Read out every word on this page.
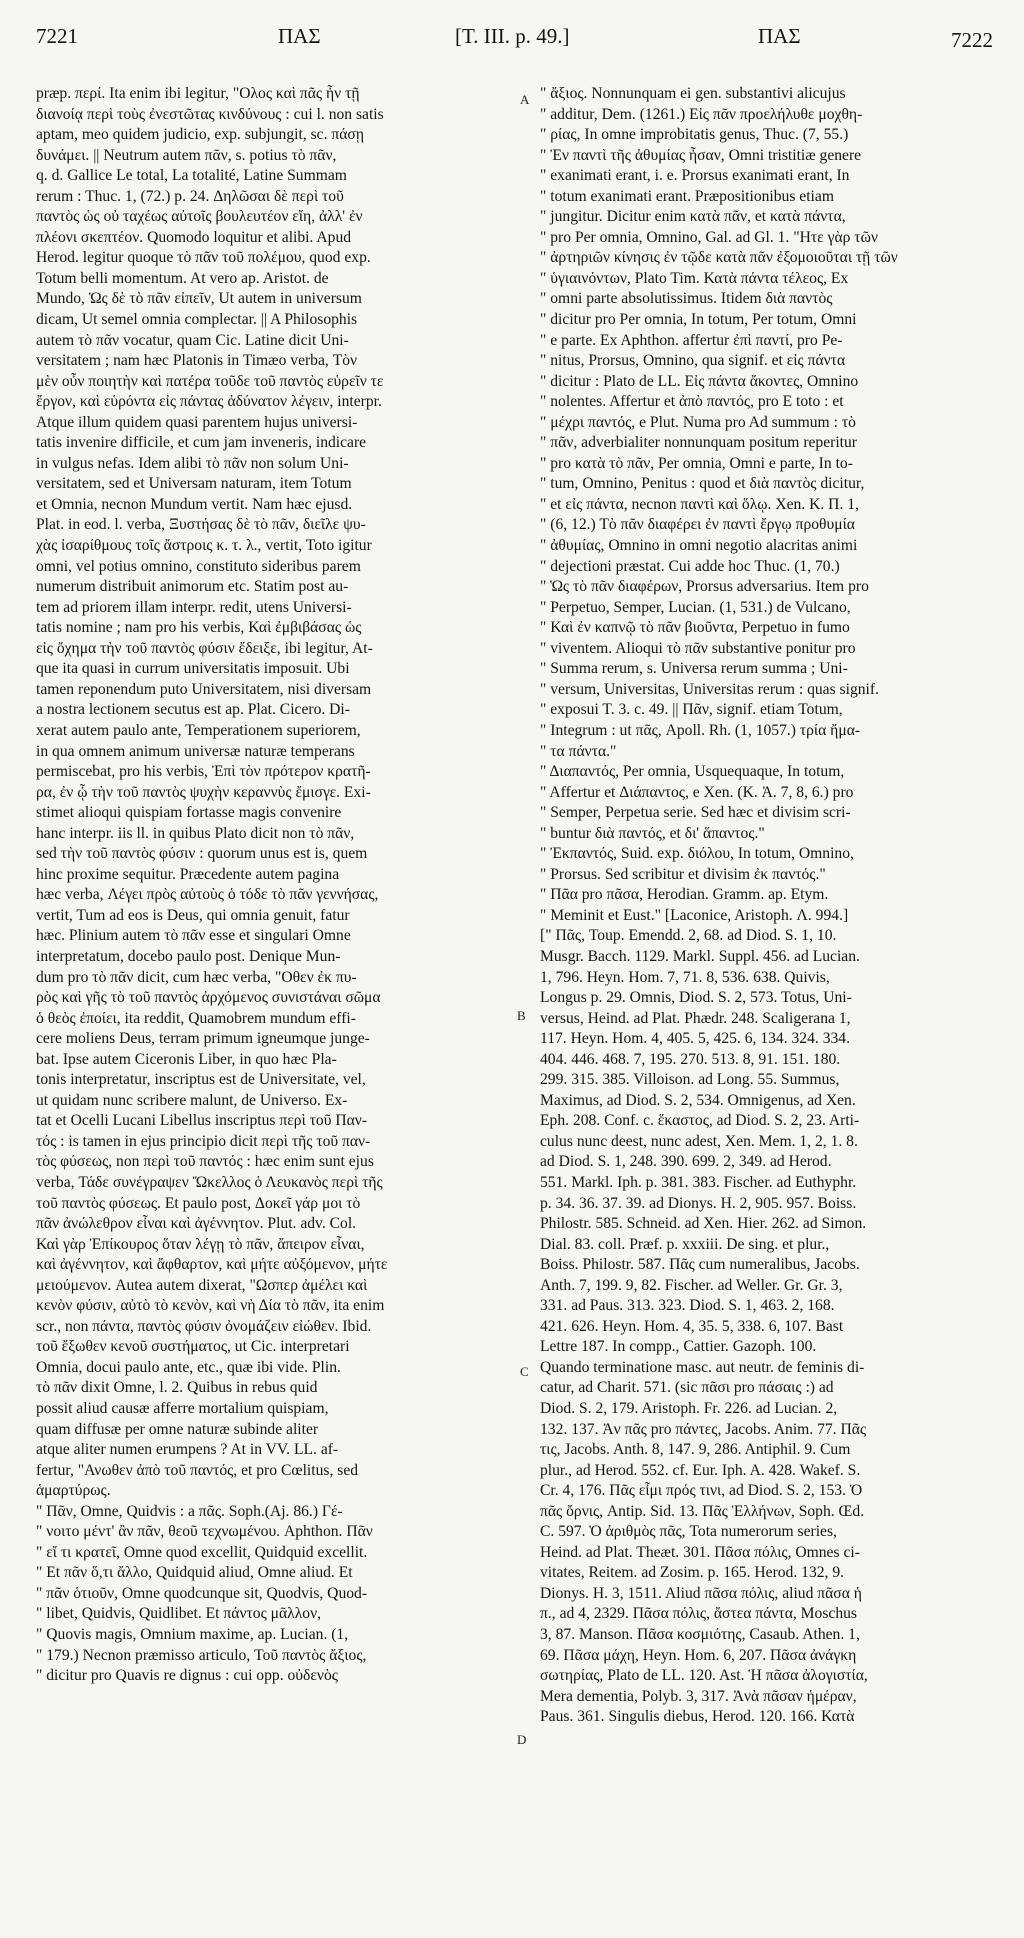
7221	ΠΑΣ	[T. III. p. 49.]	ΠΑΣ	7222
A
B
C
D
præp. περί. Ita enim ibi legitur, "Ολος καὶ πᾶς ἦν τῇ
διανοίᾳ περὶ τοὺς ἐνεστῶτας κινδύνους : cui l. non satis
aptam, meo quidem judicio, exp. subjungit, sc. πάσῃ
δυνάμει. || Neutrum autem πᾶν, s. potius τὸ πᾶν,
q. d. Gallice Le total, La totalité, Latine Summam
rerum : Thuc. 1, (72.) p. 24. Δηλῶσαι δὲ περὶ τοῦ
παντὸς ὡς οὐ ταχέως αὐτοῖς βουλευτέον εἴη, ἀλλ' ἐν
πλέονι σκεπτέον. Quomodo loquitur et alibi. Apud
Herod. legitur quoque τὸ πᾶν τοῦ πολέμου, quod exp.
Totum belli momentum. At vero ap. Aristot. de
Mundo, Ὡς δὲ τὸ πᾶν εἰπεῖν, Ut autem in universum
dicam, Ut semel omnia complectar. || A Philosophis
autem τὸ πᾶν vocatur, quam Cic. Latine dicit Uni-
versitatem ; nam hæc Platonis in Timæo verba, Τὸν
μὲν οὖν ποιητὴν καὶ πατέρα τοῦδε τοῦ παντὸς εὑρεῖν τε
ἔργον, καὶ εὑρόντα εἰς πάντας ἀδύνατον λέγειν, interpr.
Atque illum quidem quasi parentem hujus universi-
tatis invenire difficile, et cum jam inveneris, indicare
in vulgus nefas. Idem alibi τὸ πᾶν non solum Uni-
versitatem, sed et Universam naturam, item Totum
et Omnia, necnon Mundum vertit. Nam hæc ejusd.
Plat. in eod. l. verba, Ξυστήσας δὲ τὸ πᾶν, διεῖλε ψυ-
χὰς ἰσαρίθμους τοῖς ἄστροις κ. τ. λ., vertit, Toto igitur
omni, vel potius omnino, constituto sideribus parem
numerum distribuit animorum etc. Statim post au-
tem ad priorem illam interpr. redit, utens Universi-
tatis nomine ; nam pro his verbis, Καὶ ἐμβιβάσας ὡς
εἰς ὄχημα τὴν τοῦ παντὸς φύσιν ἔδειξε, ibi legitur, At-
que ita quasi in currum universitatis imposuit. Ubi
tamen reponendum puto Universitatem, nisi diversam
a nostra lectionem secutus est ap. Plat. Cicero. Di-
xerat autem paulo ante, Temperationem superiorem,
in qua omnem animum universæ naturæ temperans
permiscebat, pro his verbis, Ἐπὶ τὸν πρότερον κρατῆ-
ρα, ἐν ᾧ τὴν τοῦ παντὸς ψυχὴν κεραννὺς ἔμισγε. Exi-
stimet alioqui quispiam fortasse magis convenire
hanc interpr. iis ll. in quibus Plato dicit non τὸ πᾶν,
sed τὴν τοῦ παντὸς φύσιν : quorum unus est is, quem
hinc proxime sequitur. Præcedente autem pagina
hæc verba, Λέγει πρὸς αὐτοὺς ὁ τόδε τὸ πᾶν γεννήσας,
vertit, Tum ad eos is Deus, qui omnia genuit, fatur
hæc. Plinium autem τὸ πᾶν esse et singulari Omne
interpretatum, docebo paulo post. Denique Mun-
dum pro τὸ πᾶν dicit, cum hæc verba, "Οθεν ἐκ πυ-
ρὸς καὶ γῆς τὸ τοῦ παντὸς ἀρχόμενος συνιστάναι σῶμα
ὁ θεὸς ἐποίει, ita reddit, Quamobrem mundum effi-
cere moliens Deus, terram primum igneumque junge-
bat. Ipse autem Ciceronis Liber, in quo hæc Pla-
tonis interpretatur, inscriptus est de Universitate, vel,
ut quidam nunc scribere malunt, de Universo. Ex-
tat et Ocelli Lucani Libellus inscriptus περὶ τοῦ Παν-
τός : is tamen in ejus principio dicit περὶ τῆς τοῦ παν-
τὸς φύσεως, non περὶ τοῦ παντός : hæc enim sunt ejus
verba, Τάδε συνέγραψεν Ὤκελλος ὁ Λευκανὸς περὶ τῆς
τοῦ παντὸς φύσεως. Et paulo post, Δοκεῖ γάρ μοι τὸ
πᾶν ἀνώλεθρον εἶναι καὶ ἀγέννητον. Plut. adv. Col.
Καὶ γὰρ Ἐπίκουρος ὅταν λέγῃ τὸ πᾶν, ἄπειρον εἶναι,
καὶ ἀγέννητον, καὶ ἄφθαρτον, καὶ μήτε αὐξόμενον, μήτε
μειούμενον. Autea autem dixerat, "Ωσπερ ἀμέλει καὶ
κενὸν φύσιν, αὐτὸ τὸ κενὸν, καὶ νὴ Δία τὸ πᾶν, ita enim
scr., non πάντα, παντὸς φύσιν ὀνομάζειν εἰώθεν. Ibid.
τοῦ ἔξωθεν κενοῦ συστήματος, ut Cic. interpretari
Omnia, docui paulo ante, etc., quæ ibi vide. Plin.
τὸ πᾶν dixit Omne, l. 2. Quibus in rebus quid
possit aliud causæ afferre mortalium quispiam,
quam diffusæ per omne naturæ subinde aliter
atque aliter numen erumpens ? At in VV. LL. af-
fertur, "Ανωθεν ἀπὸ τοῦ παντός, et pro Cœlitus, sed
ἁμαρτύρως.
" Πᾶν, Omne, Quidvis : a πᾶς. Soph.(Aj. 86.) Γέ-
" νοιτο μέντ' ἂν πᾶν, θεοῦ τεχνωμένου. Aphthon. Πᾶν
" εἴ τι κρατεῖ, Omne quod excellit, Quidquid excellit.
" Et πᾶν ὅ,τι ἄλλο, Quidquid aliud, Omne aliud. Et
" πᾶν ὁτιοῦν, Omne quodcunque sit, Quodvis, Quod-
" libet, Quidvis, Quidlibet. Et πάντος μᾶλλον,
" Quovis magis, Omnium maxime, ap. Lucian. (1,
" 179.) Necnon præmisso articulo, Τοῦ παντὸς ἄξιος,
" dicitur pro Quavis re dignus : cui opp. οὐδενὸς
" ἄξιος. Nonnunquam ei gen. substantivi alicujus
" additur, Dem. (1261.) Εἰς πᾶν προελήλυθε μοχθη-
" ρίας, In omne improbitatis genus, Thuc. (7, 55.)
" Ἐν παντὶ τῆς ἀθυμίας ἦσαν, Omni tristitiæ genere
" exanimati erant, i. e. Prorsus exanimati erant, In
" totum exanimati erant. Præpositionibus etiam
" jungitur. Dicitur enim κατὰ πᾶν, et κατὰ πάντα,
" pro Per omnia, Omnino, Gal. ad Gl. 1. "Ητε γὰρ τῶν
" ἀρτηριῶν κίνησις ἐν τῷδε κατὰ πᾶν ἐξομοιοῦται τῇ τῶν
" ὑγιαινόντων, Plato Tim. Κατὰ πάντα τέλεος, Ex
" omni parte absolutissimus. Itidem διὰ παντὸς
" dicitur pro Per omnia, In totum, Per totum, Omni
" e parte. Ex Aphthon. affertur ἐπὶ παντί, pro Pe-
" nitus, Prorsus, Omnino, qua signif. et εἰς πάντα
" dicitur : Plato de LL. Εἰς πάντα ἄκοντες, Omnino
" nolentes. Affertur et ἀπὸ παντός, pro E toto : et
" μέχρι παντός, e Plut. Numa pro Ad summum : τὸ
" πᾶν, adverbialiter nonnunquam positum reperitur
" pro κατὰ τὸ πᾶν, Per omnia, Omni e parte, In to-
" tum, Omnino, Penitus : quod et διὰ παντὸς dicitur,
" et εἰς πάντα, necnon παντὶ καὶ ὅλῳ. Xen. K. Π. 1,
" (6, 12.) Τὸ πᾶν διαφέρει ἐν παντὶ ἔργῳ προθυμία
" ἀθυμίας, Omnino in omni negotio alacritas animi
" dejectioni præstat. Cui adde hoc Thuc. (1, 70.)
" Ὡς τὸ πᾶν διαφέρων, Prorsus adversarius. Item pro
" Perpetuo, Semper, Lucian. (1, 531.) de Vulcano,
" Καὶ ἐν καπνῷ τὸ πᾶν βιοῦντα, Perpetuo in fumo
" viventem. Alioqui τὸ πᾶν substantive ponitur pro
" Summa rerum, s. Universa rerum summa ; Uni-
" versum, Universitas, Universitas rerum : quas signif.
" exposui T. 3. c. 49. || Πᾶν, signif. etiam Totum,
" Integrum : ut πᾶς, Apoll. Rh. (1, 1057.) τρία ἤμα-
" τα πάντα."
" Διαπαντός, Per omnia, Usquequaque, In totum,
" Affertur et Διάπαντος, e Xen. (K. Ἀ. 7, 8, 6.) pro
" Semper, Perpetua serie. Sed hæc et divisim scri-
" buntur διὰ παντός, et δι' ἅπαντος."
" Ἐκπαντός, Suid. exp. διόλου, In totum, Omnino,
" Prorsus. Sed scribitur et divisim ἐκ παντός."
" Πᾶα pro πᾶσα, Herodian. Gramm. ap. Etym.
" Meminit et Eust." [Laconice, Aristoph. Λ. 994.]
[" Πᾶς, Toup. Emendd. 2, 68. ad Diod. S. 1, 10.
Musgr. Bacch. 1129. Markl. Suppl. 456. ad Lucian.
1, 796. Heyn. Hom. 7, 71. 8, 536. 638. Quivis,
Longus p. 29. Omnis, Diod. S. 2, 573. Totus, Uni-
versus, Heind. ad Plat. Phædr. 248. Scaligerana 1,
117. Heyn. Hom. 4, 405. 5, 425. 6, 134. 324. 334.
404. 446. 468. 7, 195. 270. 513. 8, 91. 151. 180.
299. 315. 385. Villoison. ad Long. 55. Summus,
Maximus, ad Diod. S. 2, 534. Omnigenus, ad Xen.
Eph. 208. Conf. c. ἕκαστος, ad Diod. S. 2, 23. Arti-
culus nunc deest, nunc adest, Xen. Mem. 1, 2, 1. 8.
ad Diod. S. 1, 248. 390. 699. 2, 349. ad Herod.
551. Markl. Iph. p. 381. 383. Fischer. ad Euthyphr.
p. 34. 36. 37. 39. ad Dionys. H. 2, 905. 957. Boiss.
Philostr. 585. Schneid. ad Xen. Hier. 262. ad Simon.
Dial. 83. coll. Præf. p. xxxiii. De sing. et plur.,
Boiss. Philostr. 587. Πᾶς cum numeralibus, Jacobs.
Anth. 7, 199. 9, 82. Fischer. ad Weller. Gr. Gr. 3,
331. ad Paus. 313. 323. Diod. S. 1, 463. 2, 168.
421. 626. Heyn. Hom. 4, 35. 5, 338. 6, 107. Bast
Lettre 187. In compp., Cattier. Gazoph. 100.
Quando terminatione masc. aut neutr. de feminis di-
catur, ad Charit. 571. (sic πᾶσι pro πάσαις :) ad
Diod. S. 2, 179. Aristoph. Fr. 226. ad Lucian. 2,
132. 137. Ἀν πᾶς pro πάντες, Jacobs. Anim. 77. Πᾶς
τις, Jacobs. Anth. 8, 147. 9, 286. Antiphil. 9. Cum
plur., ad Herod. 552. cf. Eur. Iph. A. 428. Wakef. S.
Cr. 4, 176. Πᾶς εἶμι πρός τινι, ad Diod. S. 2, 153. Ὁ
πᾶς ὄρνις, Antip. Sid. 13. Πᾶς Ἑλλήνων, Soph. Œd.
C. 597. Ὁ ἀριθμὸς πᾶς, Tota numerorum series,
Heind. ad Plat. Theæt. 301. Πᾶσα πόλις, Omnes ci-
vitates, Reitem. ad Zosim. p. 165. Herod. 132, 9.
Dionys. H. 3, 1511. Aliud πᾶσα πόλις, aliud πᾶσα ἡ
π., ad 4, 2329. Πᾶσα πόλις, ἄστεα πάντα, Moschus
3, 87. Manson. Πᾶσα κοσμιότης, Casaub. Athen. 1,
69. Πᾶσα μάχη, Heyn. Hom. 6, 207. Πᾶσα ἀνάγκη
σωτηρίας, Plato de LL. 120. Ast. Ἡ πᾶσα ἀλογιστία,
Mera dementia, Polyb. 3, 317. Ἀνὰ πᾶσαν ἡμέραν,
Paus. 361. Singulis diebus, Herod. 120. 166. Κατὰ
